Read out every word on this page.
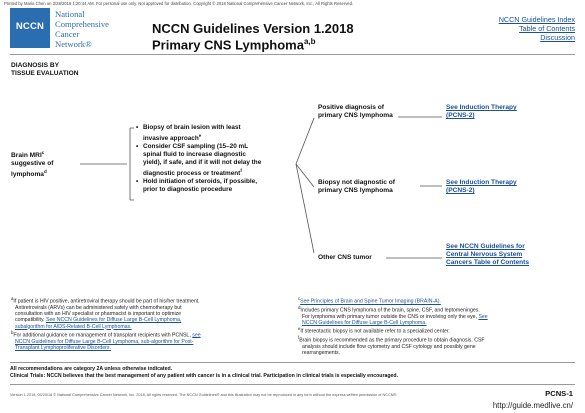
Printed by Maria Chen on 3/28/2018 1:20:44 AM. For personal use only. Not approved for distribution. Copyright © 2018 National Comprehensive Cancer Network, Inc., All Rights Reserved.
NCCN
National
Comprehensive
Cancer
Network®
NCCN Guidelines Version 1.2018
Primary CNS Lymphoma$^{a,b}$
NCCN Guidelines Index
Table of Contents
Discussion
DIAGNOSIS BY
TISSUE EVALUATION
Brain MRI$^c$
suggestive of
lymphoma$^d$
• Biopsy of brain lesion with least
invasive approach$^e$
• Consider CSF sampling (15–20 mL
spinal fluid to increase diagnostic
yield), if safe, and if it will not delay the
diagnostic process or treatment$^f$
• Hold initiation of steroids, if possible,
prior to diagnostic procedure
Positive diagnosis of
primary CNS lymphoma
See Induction Therapy
(PCNS-2)
Biopsy not diagnostic of
primary CNS lymphoma
See Induction Therapy
(PCNS-2)
Other CNS tumor
See NCCN Guidelines for
Central Nervous System
Cancers Table of Contents

$^a$If patient is HIV positive, antiretroviral therapy should be part of his/her treatment.

Antiretrovirals (ARVs) can be administered safely with chemotherapy but

consultation with an HIV specialist or pharmacist is important to optimize

compatibility. See NCCN Guidelines for Diffuse Large B-Cell Lymphoma,

subalgorithm for AIDS-Related B-Cell Lymphomas.

$^b$For additional guidance on management of transplant recipients with PCNSL, see

NCCN Guidelines for Diffuse Large B-Cell Lymphoma, sub-algorithm for Post-

Transplant Lymphoproliferative Disorders.

$^c$See Principles of Brain and Spine Tumor Imaging (BRAIN-A).

$^d$Includes primary CNS lymphoma of the brain, spine, CSF, and leptomeninges.

For lymphoma with primary tumor outside the CNS or involving only the eye, See

NCCN Guidelines for Diffuse Large B-Cell Lymphoma.

$^e$If stereotactic biopsy is not available refer to a specialized center.

$^f$Brain biopsy is recommended as the primary procedure to obtain diagnosis. CSF

analysis should include flow cytometry and CSF cytology and possibly gene

rearrangements.

All recommendations are category 2A unless otherwise indicated.
Clinical Trials: NCCN believes that the best management of any patient with cancer is in a clinical trial. Participation in clinical trials is especially encouraged.
PCNS-1
Version 1.2018, 03/20/18 © National Comprehensive Cancer Network, Inc. 2018, All rights reserved. The NCCN Guidelines® and this illustration may not be reproduced in any form without the express written permission of NCCN®.
http://guide.medlive.cn/
